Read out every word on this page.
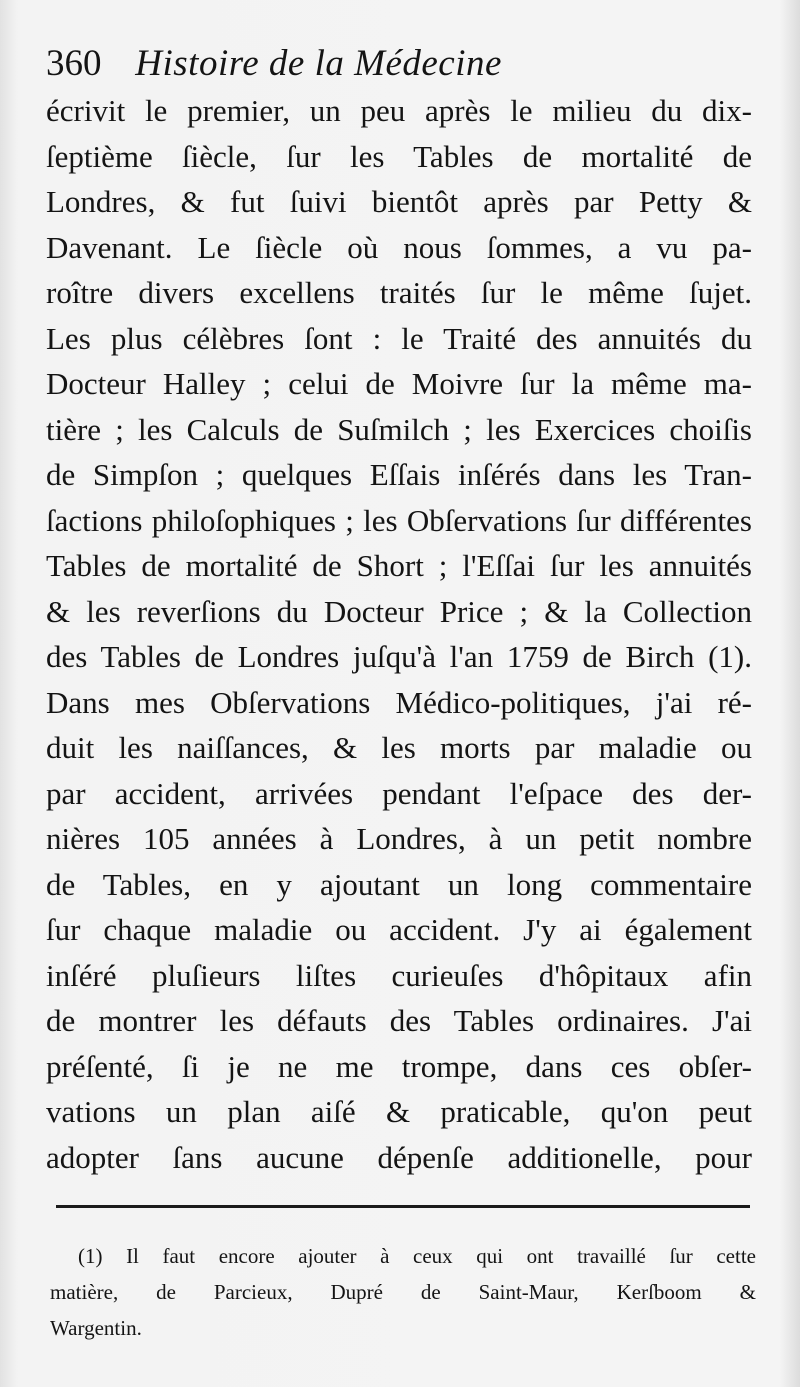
360 Histoire de la Médecine
écrivit le premier, un peu après le milieu du dix-
ſeptième ſiècle, ſur les Tables de mortalité de
Londres, & fut ſuivi bientôt après par Petty &
Davenant. Le ſiècle où nous ſommes, a vu pa-
roître divers excellens traités ſur le même ſujet.
Les plus célèbres ſont : le Traité des annuités du
Docteur Halley ; celui de Moivre ſur la même ma-
tière ; les Calculs de Suſmilch ; les Exercices choiſis
de Simpſon ; quelques Eſſais inſérés dans les Tran-
ſactions philoſophiques ; les Obſervations ſur différentes
Tables de mortalité de Short ; l'Eſſai ſur les annuités
& les reverſions du Docteur Price ; & la Collection
des Tables de Londres juſqu'à l'an 1759 de Birch (1).
Dans mes Obſervations Médico-politiques, j'ai ré-
duit les naiſſances, & les morts par maladie ou
par accident, arrivées pendant l'eſpace des der-
nières 105 années à Londres, à un petit nombre
de Tables, en y ajoutant un long commentaire
ſur chaque maladie ou accident. J'y ai également
inſéré pluſieurs liſtes curieuſes d'hôpitaux afin
de montrer les défauts des Tables ordinaires. J'ai
préſenté, ſi je ne me trompe, dans ces obſer-
vations un plan aiſé & praticable, qu'on peut
adopter ſans aucune dépenſe additionelle, pour
(1) Il faut encore ajouter à ceux qui ont travaillé ſur cette
matière, de Parcieux, Dupré de Saint-Maur, Kerſboom &
Wargentin.
